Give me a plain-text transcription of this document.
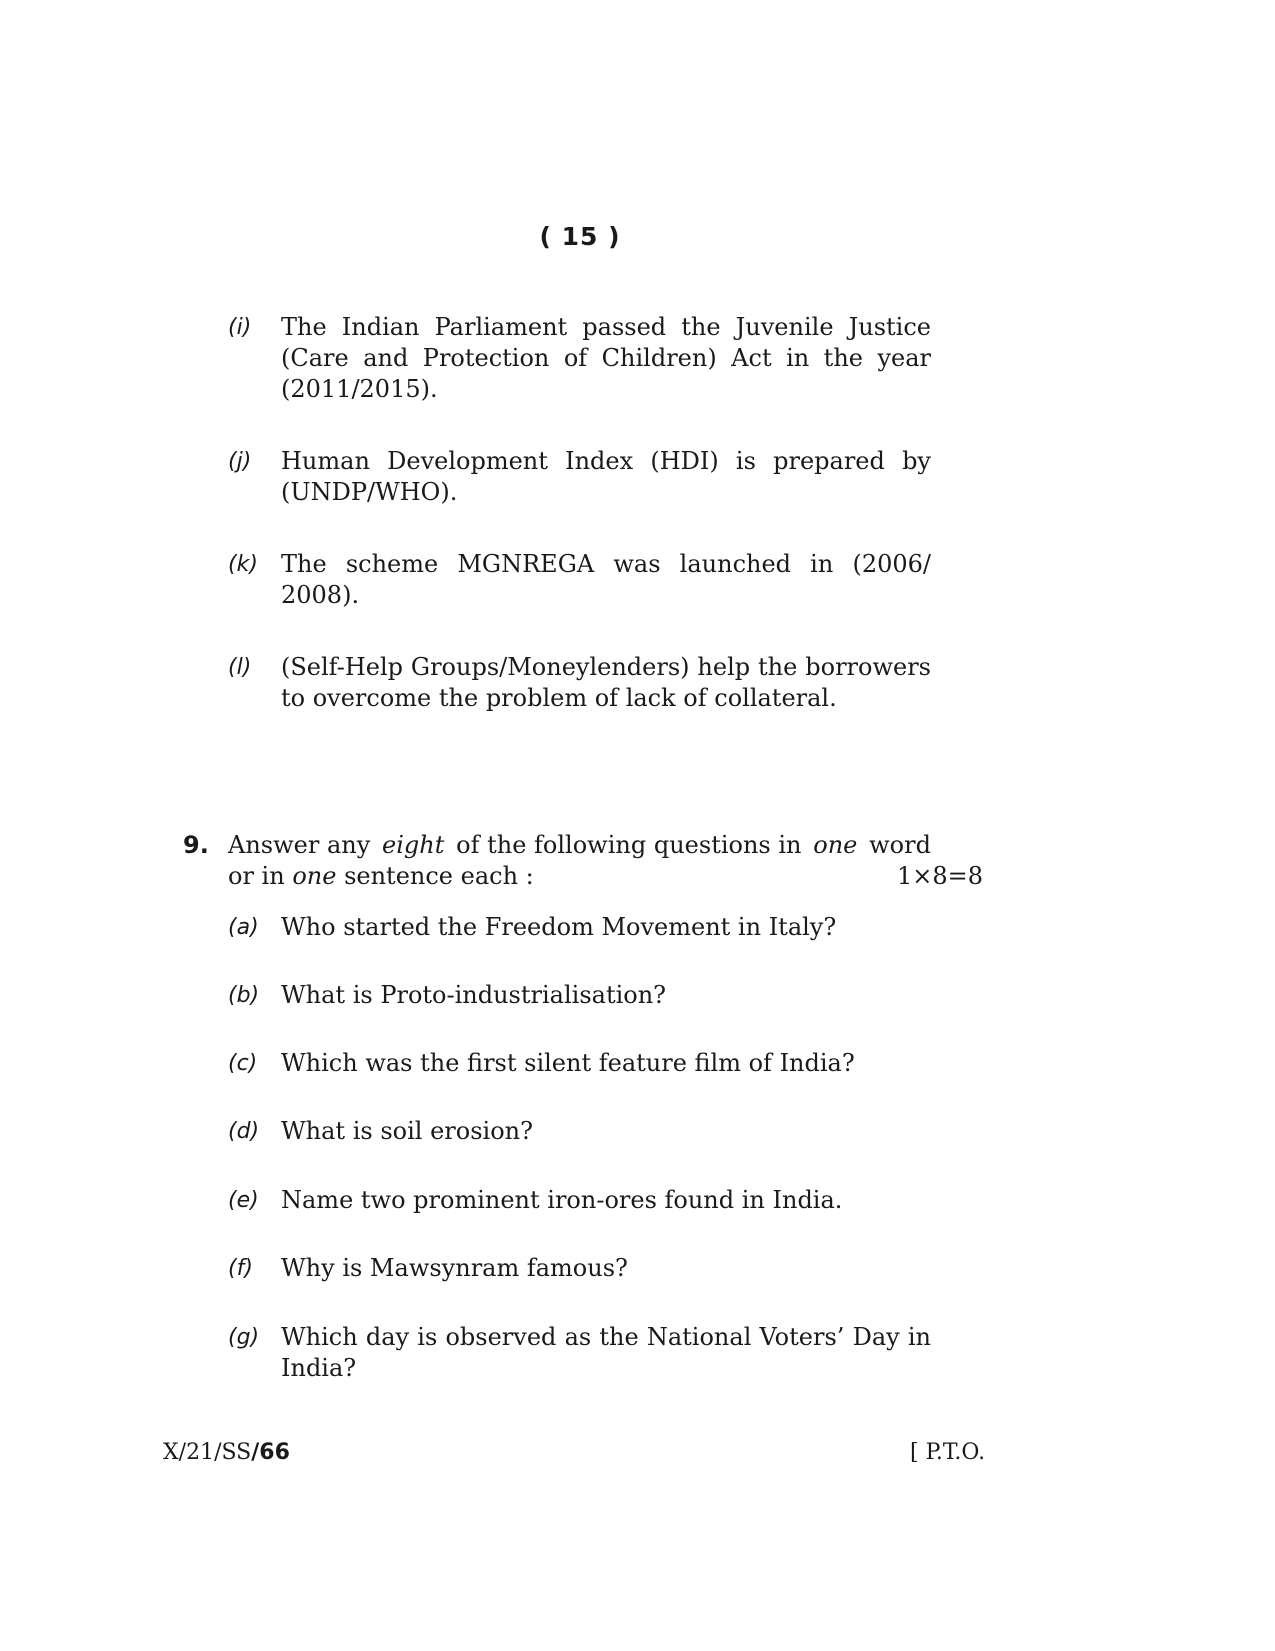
( 15 )
(i)	The Indian Parliament passed the Juvenile Justice (Care and Protection of Children) Act in the year (2011/2015).
(j)	Human Development Index (HDI) is prepared by (UNDP/WHO).
(k) The scheme MGNREGA was launched in (2006/ 2008).
(l)	(Self-Help Groups/Moneylenders) help the borrowers to overcome the problem of lack of collateral.
9. Answer any eight of the following questions in one word
or in one sentence each :	1×8=8
(a) Who started the Freedom Movement in Italy?
(b) What is Proto-industrialisation?
(c) Which was the first silent feature film of India?
(d) What is soil erosion?
(e) Name two prominent iron-ores found in India.
(f)	Why is Mawsynram famous?
(g) Which day is observed as the National Voters’ Day in India?
X/21/SS/66	[ P.T.O.
